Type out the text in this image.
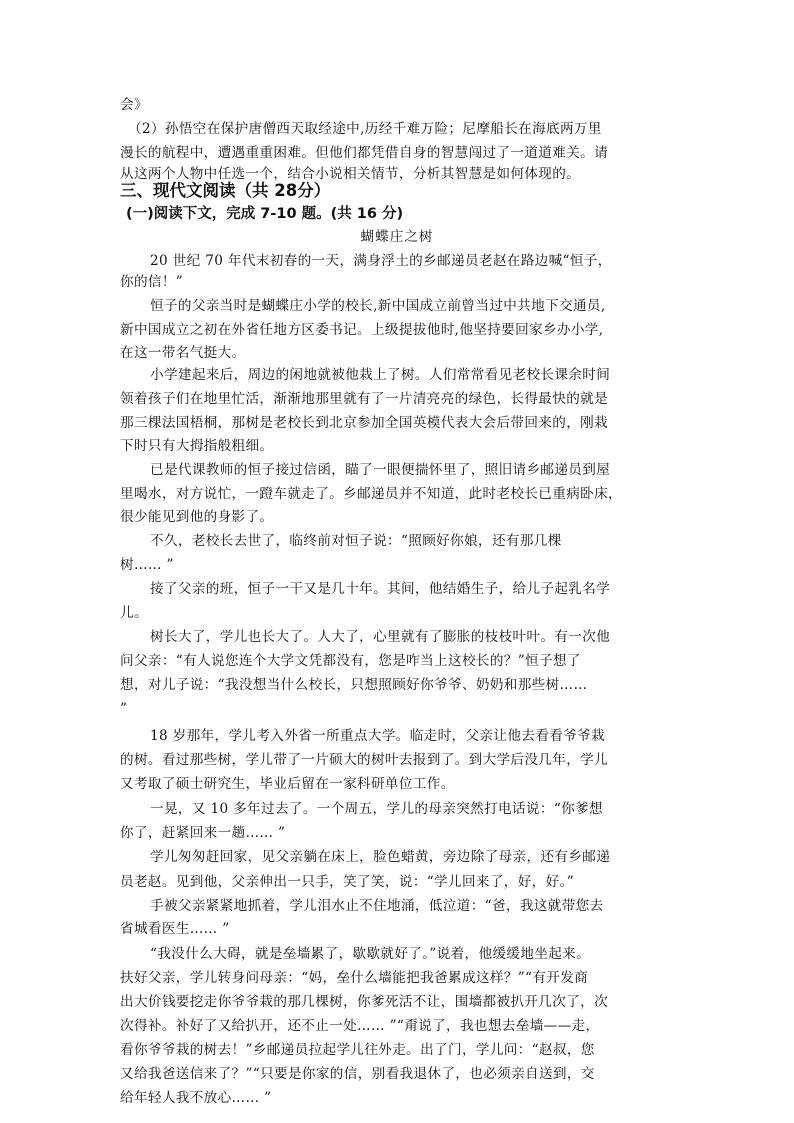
会》
（2）孙悟空在保护唐僧西天取经途中,历经千难万险；尼摩船长在海底两万里
漫长的航程中，遭遇重重困难。但他们都凭借自身的智慧闯过了一道道难关。请
从这两个人物中任选一个，结合小说相关情节，分析其智慧是如何体现的。
三、现代文阅读（共 28分）
(一)阅读下文，完成 7-10 题。(共 16 分)
蝴蝶庄之树
20 世纪 70 年代末初春的一天，满身浮土的乡邮递员老赵在路边喊“恒子，
你的信！”
恒子的父亲当时是蝴蝶庄小学的校长,新中国成立前曾当过中共地下交通员,
新中国成立之初在外省任地方区委书记。上级提拔他时,他坚持要回家乡办小学,
在这一带名气挺大。
小学建起来后，周边的闲地就被他栽上了树。人们常常看见老校长课余时间
领着孩子们在地里忙活，渐渐地那里就有了一片清亮亮的绿色，长得最快的就是
那三棵法国梧桐，那树是老校长到北京参加全国英模代表大会后带回来的，刚栽
下时只有大拇指般粗细。
已是代课教师的恒子接过信函，瞄了一眼便揣怀里了，照旧请乡邮递员到屋
里喝水，对方说忙，一蹬车就走了。乡邮递员并不知道，此时老校长已重病卧床，
很少能见到他的身影了。
不久，老校长去世了，临终前对恒子说：“照顾好你娘，还有那几棵
树…… ”
接了父亲的班，恒子一干又是几十年。其间，他结婚生子，给儿子起乳名学
儿。
树长大了，学儿也长大了。人大了，心里就有了膨胀的枝枝叶叶。有一次他
问父亲：“有人说您连个大学文凭都没有，您是咋当上这校长的？”恒子想了
想，对儿子说：“我没想当什么校长，只想照顾好你爷爷、奶奶和那些树……
”
18 岁那年，学儿考入外省一所重点大学。临走时，父亲让他去看看爷爷栽
的树。看过那些树，学儿带了一片硕大的树叶去报到了。到大学后没几年，学儿
又考取了硕士研究生，毕业后留在一家科研单位工作。
一晃，又 10 多年过去了。一个周五，学儿的母亲突然打电话说：“你爹想
你了，赶紧回来一趟…… ”
学儿匆匆赶回家，见父亲躺在床上，脸色蜡黄，旁边除了母亲，还有乡邮递
员老赵。见到他，父亲伸出一只手，笑了笑，说：“学儿回来了，好，好。”
手被父亲紧紧地抓着，学儿泪水止不住地涌，低泣道：“爸，我这就带您去
省城看医生…… ”
“我没什么大碍，就是垒墙累了，歇歇就好了。”说着，他缓缓地坐起来。
扶好父亲，学儿转身问母亲：“妈，垒什么墙能把我爸累成这样？”“有开发商
出大价钱要挖走你爷爷栽的那几棵树，你爹死活不让，围墙都被扒开几次了，次
次得补。补好了又给扒开，还不止一处…… ”“甭说了，我也想去垒墙——走，
看你爷爷栽的树去！”乡邮递员拉起学儿往外走。出了门，学儿问：“赵叔，您
又给我爸送信来了？”“只要是你家的信，别看我退休了，也必须亲自送到，交
给年轻人我不放心…… ”
